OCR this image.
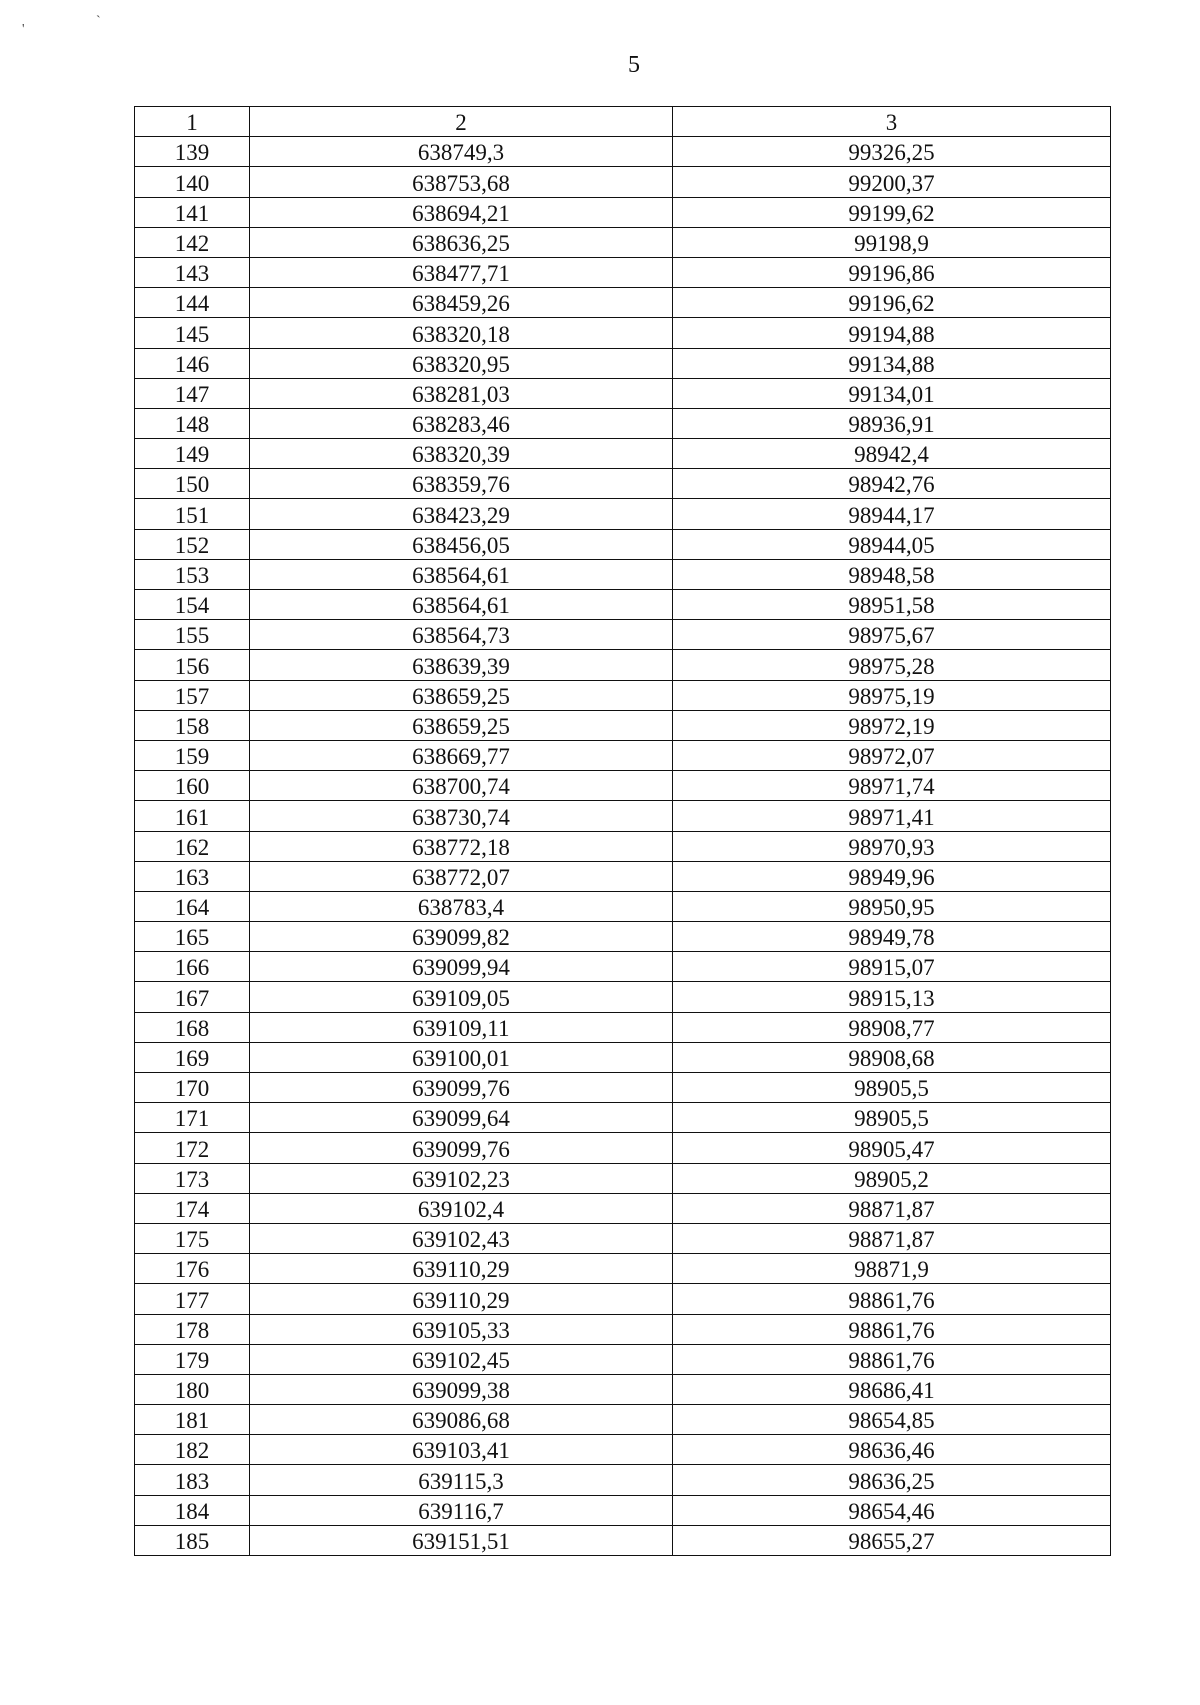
'
`
5
1	2	3
139	638749,3	99326,25
140	638753,68	99200,37
141	638694,21	99199,62
142	638636,25	99198,9
143	638477,71	99196,86
144	638459,26	99196,62
145	638320,18	99194,88
146	638320,95	99134,88
147	638281,03	99134,01
148	638283,46	98936,91
149	638320,39	98942,4
150	638359,76	98942,76
151	638423,29	98944,17
152	638456,05	98944,05
153	638564,61	98948,58
154	638564,61	98951,58
155	638564,73	98975,67
156	638639,39	98975,28
157	638659,25	98975,19
158	638659,25	98972,19
159	638669,77	98972,07
160	638700,74	98971,74
161	638730,74	98971,41
162	638772,18	98970,93
163	638772,07	98949,96
164	638783,4	98950,95
165	639099,82	98949,78
166	639099,94	98915,07
167	639109,05	98915,13
168	639109,11	98908,77
169	639100,01	98908,68
170	639099,76	98905,5
171	639099,64	98905,5
172	639099,76	98905,47
173	639102,23	98905,2
174	639102,4	98871,87
175	639102,43	98871,87
176	639110,29	98871,9
177	639110,29	98861,76
178	639105,33	98861,76
179	639102,45	98861,76
180	639099,38	98686,41
181	639086,68	98654,85
182	639103,41	98636,46
183	639115,3	98636,25
184	639116,7	98654,46
185	639151,51	98655,27
